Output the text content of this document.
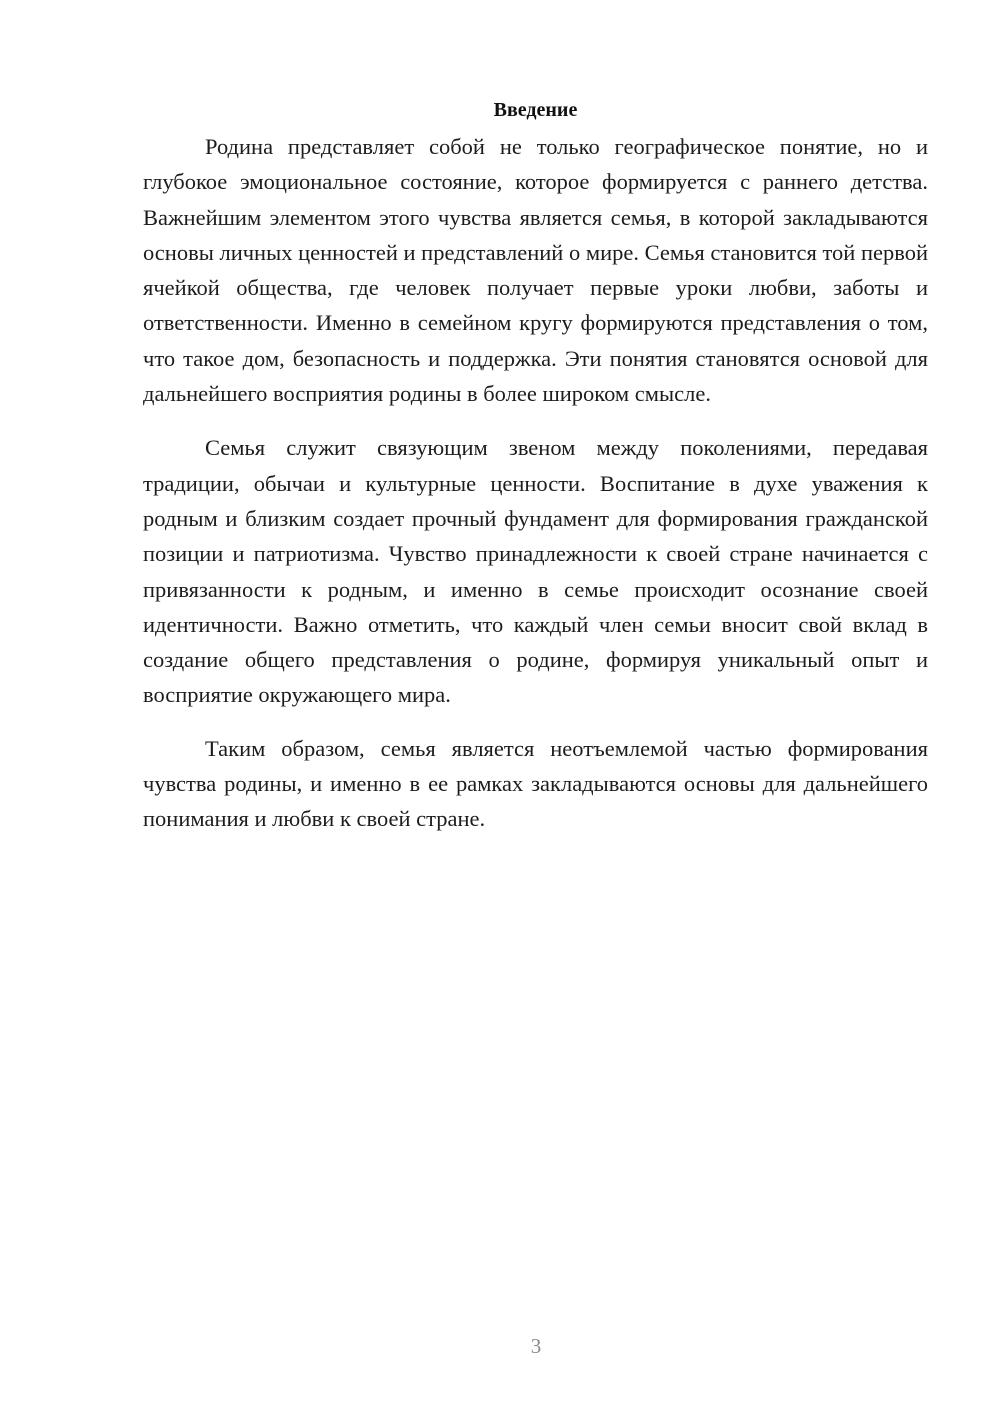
Введение

Родина представляет собой не только географическое понятие, но и глубокое эмоциональное состояние, которое формируется с раннего детства. Важнейшим элементом этого чувства является семья, в которой закладываются основы личных ценностей и представлений о мире. Семья становится той первой ячейкой общества, где человек получает первые уроки любви, заботы и ответственности. Именно в семейном кругу формируются представления о том, что такое дом, безопасность и поддержка. Эти понятия становятся основой для дальнейшего восприятия родины в более широком смысле.

Семья служит связующим звеном между поколениями, передавая традиции, обычаи и культурные ценности. Воспитание в духе уважения к родным и близким создает прочный фундамент для формирования гражданской позиции и патриотизма. Чувство принадлежности к своей стране начинается с привязанности к родным, и именно в семье происходит осознание своей идентичности. Важно отметить, что каждый член семьи вносит свой вклад в создание общего представления о родине, формируя уникальный опыт и восприятие окружающего мира.

Таким образом, семья является неотъемлемой частью формирования чувства родины, и именно в ее рамках закладываются основы для дальнейшего понимания и любви к своей стране.

3
